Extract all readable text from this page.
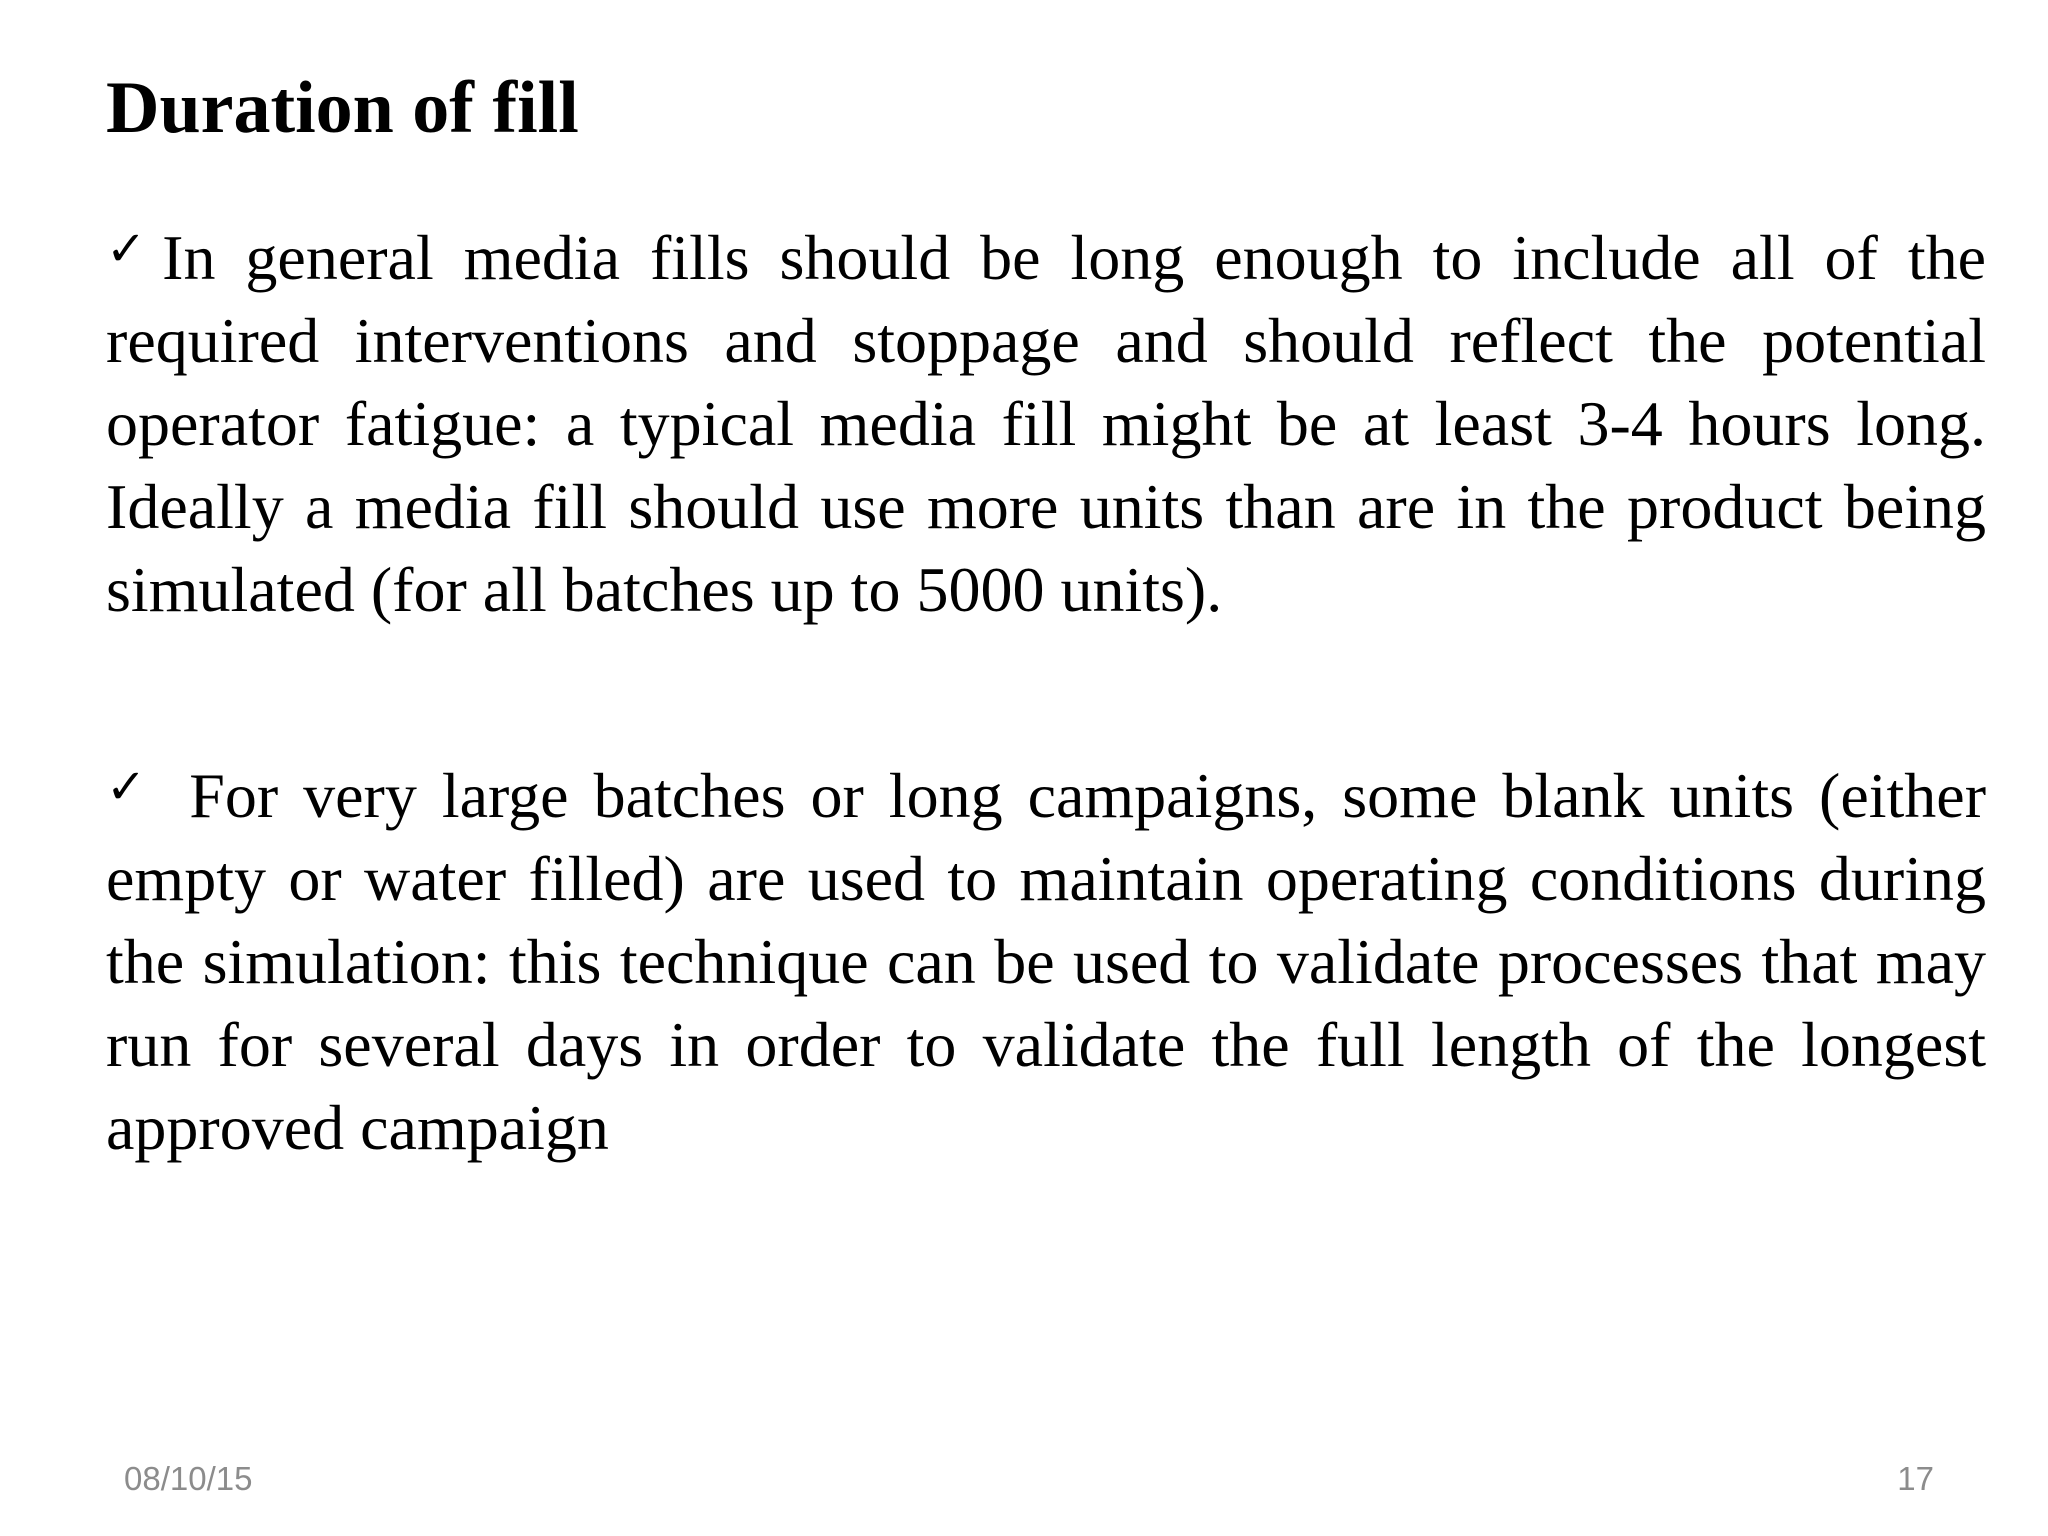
Duration of fill

✓In general media fills should be long enough to include all of the required interventions and stoppage and should reflect the potential operator fatigue: a typical media fill might be at least 3-4 hours long. Ideally a media fill should use more units than are in the product being simulated (for all batches up to 5000 units).

✓ For very large batches or long campaigns, some blank units (either empty or water filled) are used to maintain operating conditions during the simulation: this technique can be used to validate processes that may run for several days in order to validate the full length of the longest approved campaign

08/10/15	17
